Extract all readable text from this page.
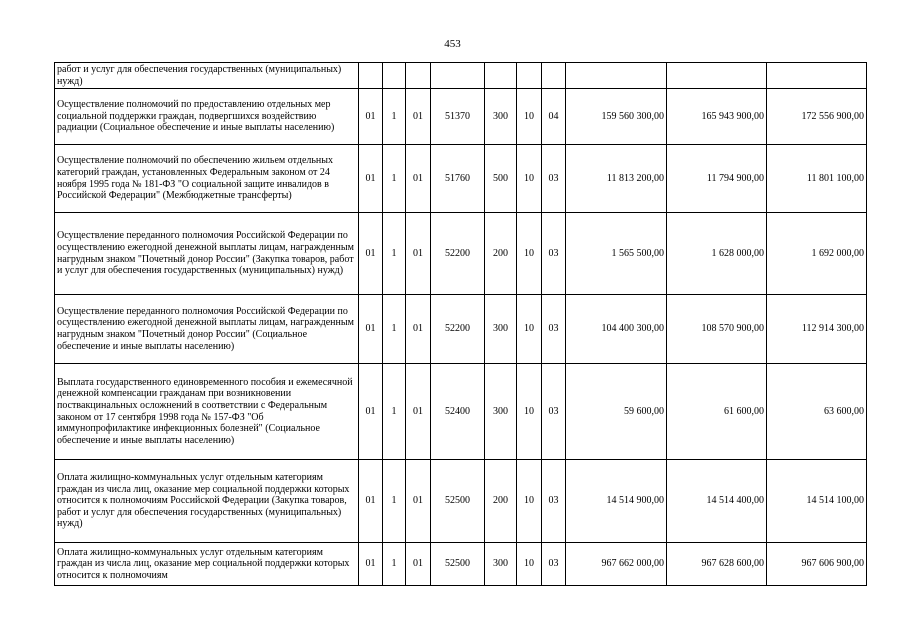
453
работ и услуг для обеспечения государственных (муниципальных) нужд)										
Осуществление полномочий по предоставлению отдельных мер социальной поддержки граждан, подвергшихся воздействию радиации (Социальное обеспечение и иные выплаты населению)	01	1	01	51370	300	10	04	159 560 300,00	165 943 900,00	172 556 900,00
Осуществление полномочий по обеспечению жильем отдельных категорий граждан, установленных Федеральным законом от 24 ноября 1995 года № 181-ФЗ "О социальной защите инвалидов в Российской Федерации" (Межбюджетные трансферты)	01	1	01	51760	500	10	03	11 813 200,00	11 794 900,00	11 801 100,00
Осуществление переданного полномочия Российской Федерации по осуществлению ежегодной денежной выплаты лицам, награжденным нагрудным знаком "Почетный донор России" (Закупка товаров, работ и услуг для обеспечения государственных (муниципальных) нужд)	01	1	01	52200	200	10	03	1 565 500,00	1 628 000,00	1 692 000,00
Осуществление переданного полномочия Российской Федерации по осуществлению ежегодной денежной выплаты лицам, награжденным нагрудным знаком "Почетный донор России" (Социальное обеспечение и иные выплаты населению)	01	1	01	52200	300	10	03	104 400 300,00	108 570 900,00	112 914 300,00
Выплата государственного единовременного пособия и ежемесячной денежной компенсации гражданам при возникновении поствакцинальных осложнений в соответствии с Федеральным законом от 17 сентября 1998 года № 157-ФЗ "Об иммунопрофилактике инфекционных болезней" (Социальное обеспечение и иные выплаты населению)	01	1	01	52400	300	10	03	59 600,00	61 600,00	63 600,00
Оплата жилищно-коммунальных услуг отдельным категориям граждан из числа лиц, оказание мер социальной поддержки которых относится к полномочиям Российской Федерации (Закупка товаров, работ и услуг для обеспечения государственных (муниципальных) нужд)	01	1	01	52500	200	10	03	14 514 900,00	14 514 400,00	14 514 100,00
Оплата жилищно-коммунальных услуг отдельным категориям граждан из числа лиц, оказание мер социальной поддержки которых относится к полномочиям	01	1	01	52500	300	10	03	967 662 000,00	967 628 600,00	967 606 900,00
